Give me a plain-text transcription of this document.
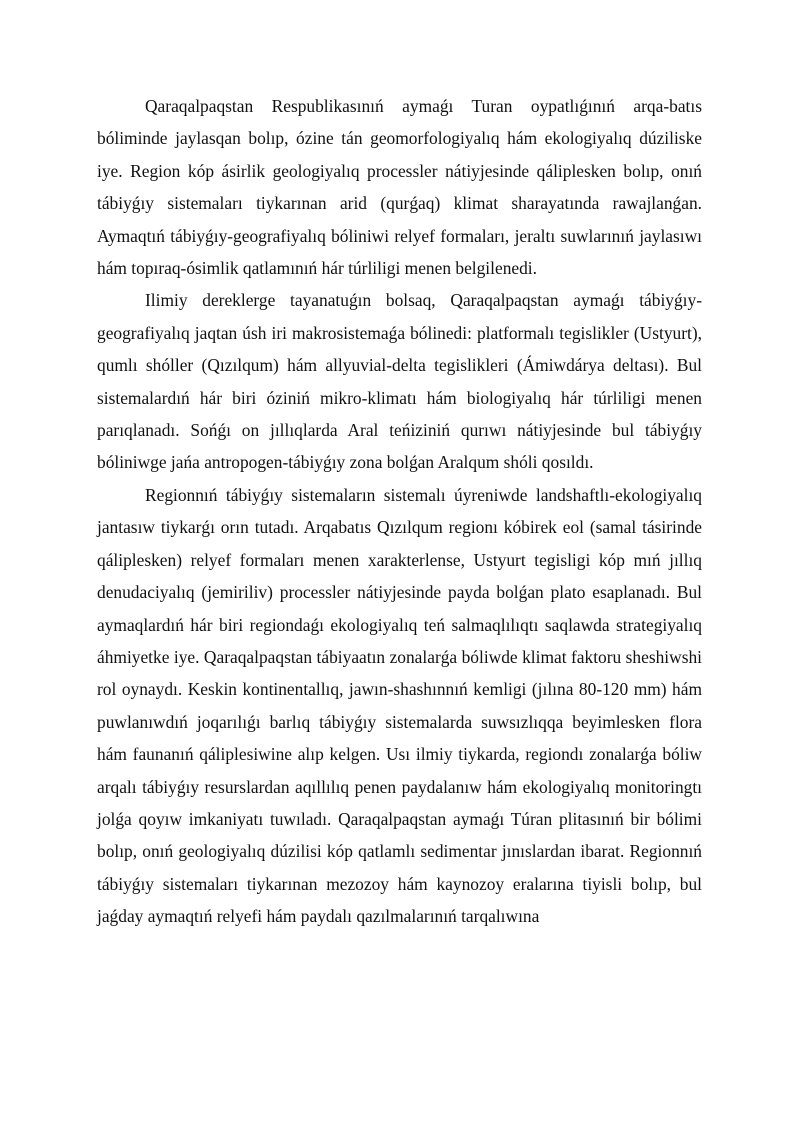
Qaraqalpaqstan Respublikasınıń aymaǵı Turan oypatlıǵınıń arqa-batıs bóliminde jaylasqan bolıp, ózine tán geomorfologiyalıq hám ekologiyalıq dúziliske iye. Region kóp ásirlik geologiyalıq processler nátiyjesinde qáliplesken bolıp, onıń tábiyǵıy sistemaları tiykarınan arid (qurǵaq) klimat sharayatında rawajlanǵan. Aymaqtıń tábiyǵıy-geografiyalıq bóliniwi relyef formaları, jeraltı suwlarınıń jaylasıwı hám topıraq-ósimlik qatlamınıń hár túrliligi menen belgilenedi.

Ilimiy dereklerge tayanatuǵın bolsaq, Qaraqalpaqstan aymaǵı tábiyǵıy-geografiyalıq jaqtan úsh iri makrosistemaǵa bólinedi: platformalı tegislikler (Ustyurt), qumlı shóller (Qızılqum) hám allyuvial-delta tegislikleri (Ámiwdárya deltası). Bul sistemalardıń hár biri óziniń mikro-klimatı hám biologiyalıq hár túrliligi menen parıqlanadı. Sońǵı on jıllıqlarda Aral teńiziniń qurıwı nátiyjesinde bul tábiyǵıy bóliniwge jańa antropogen-tábiyǵıy zona bolǵan Aralqum shóli qosıldı.

Regionnıń tábiyǵıy sistemaların sistemalı úyreniwde landshaftlı-ekologiyalıq jantasıw tiykarǵı orın tutadı. Arqabatıs Qızılqum regionı kóbirek eol (samal tásirinde qáliplesken) relyef formaları menen xarakterlense, Ustyurt tegisligi kóp mıń jıllıq denudaciyalıq (jemiriliv) processler nátiyjesinde payda bolǵan plato esaplanadı. Bul aymaqlardıń hár biri regiondaǵı ekologiyalıq teń salmaqlılıqtı saqlawda strategiyalıq áhmiyetke iye. Qaraqalpaqstan tábiyaatın zonalarǵa bóliwde klimat faktoru sheshiwshi rol oynaydı. Keskin kontinentallıq, jawın-shashınnıń kemligi (jılına 80-120 mm) hám puwlanıwdıń joqarılıǵı barlıq tábiyǵıy sistemalarda suwsızlıqqa beyimlesken flora hám faunanıń qáliplesiwine alıp kelgen. Usı ilmiy tiykarda, regiondı zonalarǵa bóliw arqalı tábiyǵıy resurslardan aqıllılıq penen paydalanıw hám ekologiyalıq monitoringtı jolǵa qoyıw imkaniyatı tuwıladı. Qaraqalpaqstan aymaǵı Túran plitasınıń bir bólimi bolıp, onıń geologiyalıq dúzilisi kóp qatlamlı sedimentar jınıslardan ibarat. Regionnıń tábiyǵıy sistemaları tiykarınan mezozoy hám kaynozoy eralarına tiyisli bolıp, bul jaǵday aymaqtıń relyefi hám paydalı qazılmalarınıń tarqalıwına
